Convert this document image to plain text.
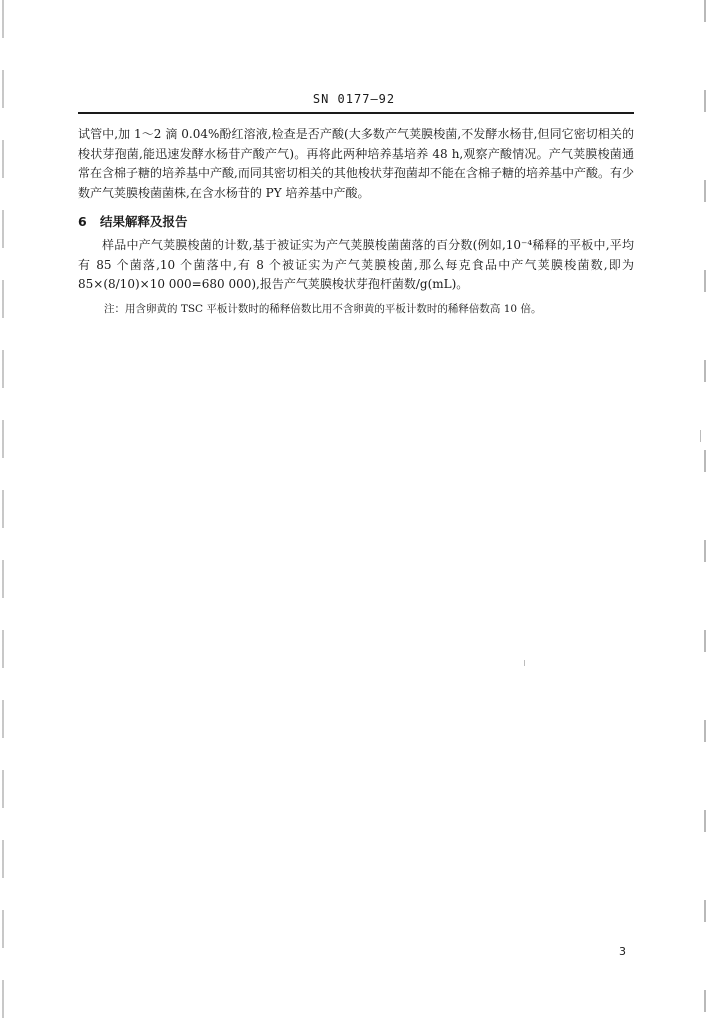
SN 0177—92

试管中,加 1～2 滴 0.04%酚红溶液,检查是否产酸(大多数产气荚膜梭菌,不发酵水杨苷,但同它密切相关的梭状芽孢菌,能迅速发酵水杨苷产酸产气)。再将此两种培养基培养 48 h,观察产酸情况。产气荚膜梭菌通常在含棉子糖的培养基中产酸,而同其密切相关的其他梭状芽孢菌却不能在含棉子糖的培养基中产酸。有少数产气荚膜梭菌菌株,在含水杨苷的 PY 培养基中产酸。

6 结果解释及报告

样品中产气荚膜梭菌的计数,基于被证实为产气荚膜梭菌菌落的百分数(例如,10⁻⁴稀释的平板中,平均有 85 个菌落,10 个菌落中,有 8 个被证实为产气荚膜梭菌,那么每克食品中产气荚膜梭菌数,即为 85×(8/10)×10 000=680 000),报告产气荚膜梭状芽孢杆菌数/g(mL)。

注：用含卵黄的 TSC 平板计数时的稀释倍数比用不含卵黄的平板计数时的稀释倍数高 10 倍。
3
